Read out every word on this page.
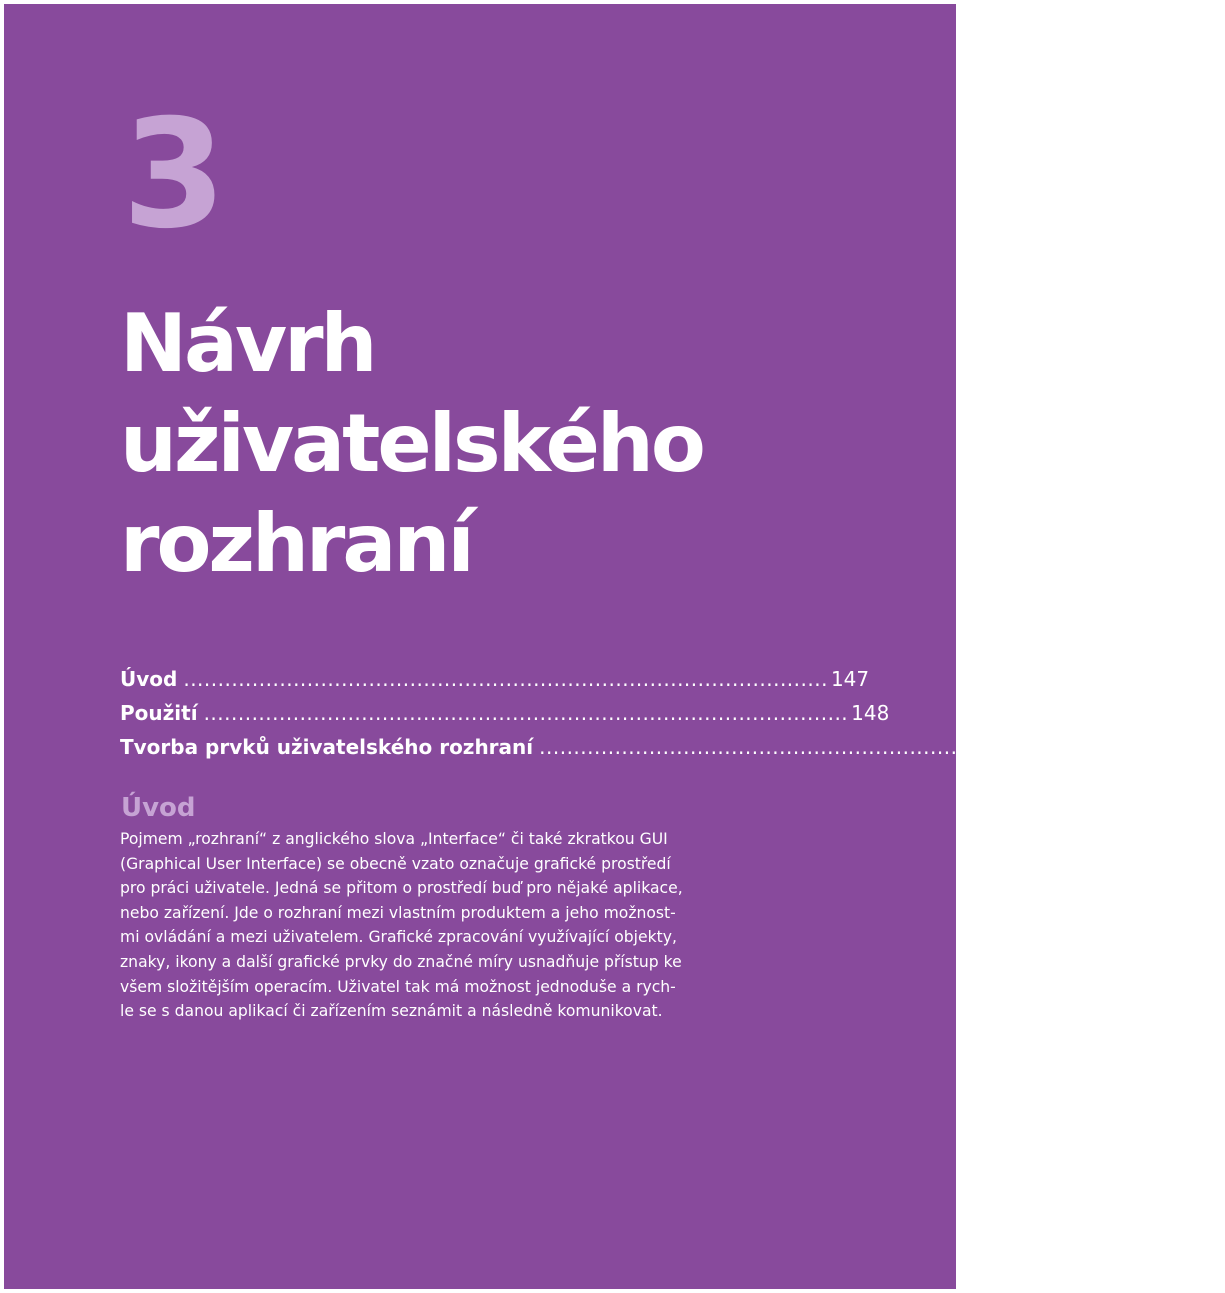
3
Návrh
uživatelského
rozhraní
Úvod .............................................................................................. 147
Použití .............................................................................................. 148
Tvorba prvků uživatelského rozhraní .............................................................................................. 148
Úvod

Pojmem „rozhraní“ z anglického slova „Interface“ či také zkratkou GUI
(Graphical User Interface) se obecně vzato označuje grafické prostředí
pro práci uživatele. Jedná se přitom o prostředí buď pro nějaké aplikace,
nebo zařízení. Jde o rozhraní mezi vlastním produktem a jeho možnost-
mi ovládání a mezi uživatelem. Grafické zpracování využívající objekty,
znaky, ikony a další grafické prvky do značné míry usnadňuje přístup ke
všem složitějším operacím. Uživatel tak má možnost jednoduše a rych-
le se s danou aplikací či zařízením seznámit a následně komunikovat.
